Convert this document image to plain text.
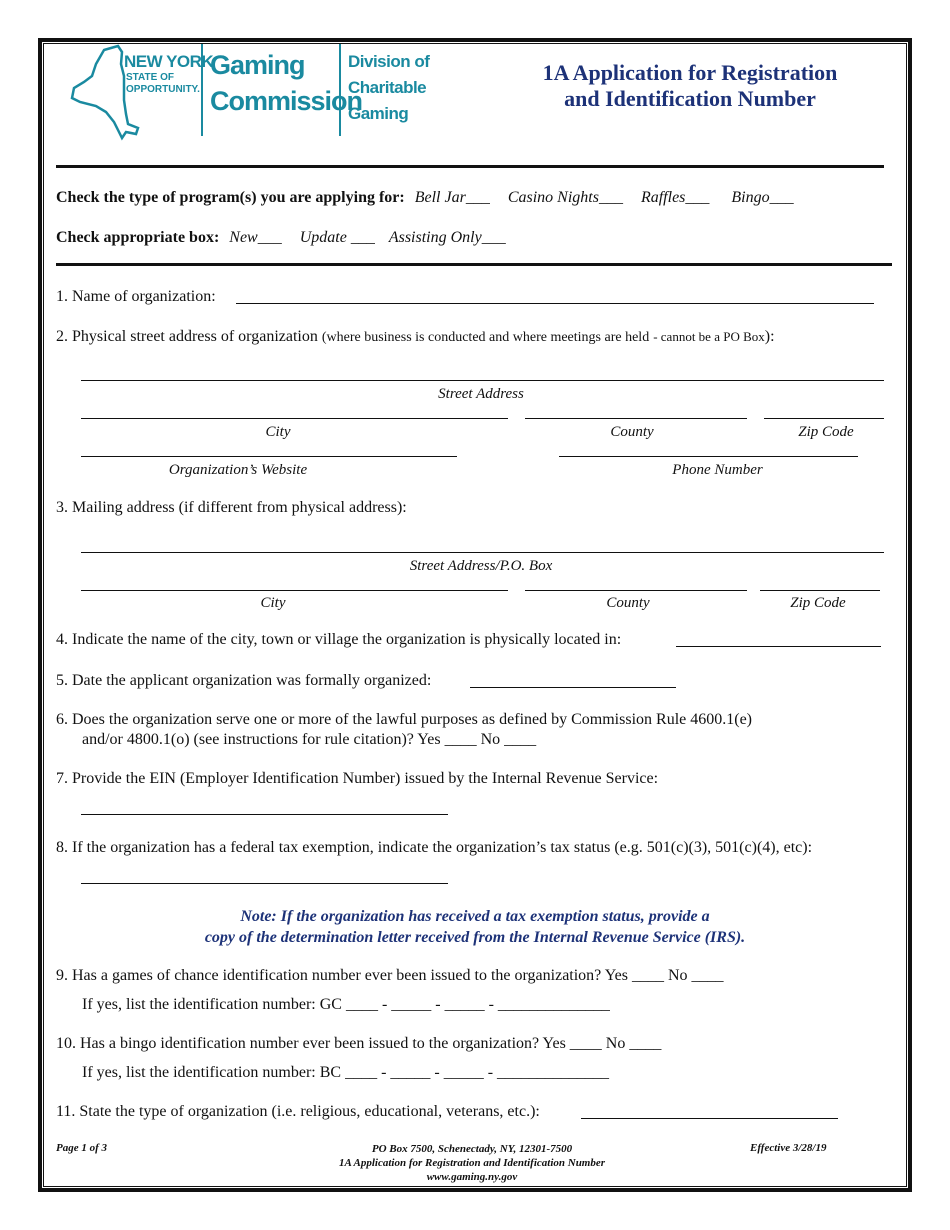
NEW YORK
STATE OF
OPPORTUNITY.
Gaming
Commission
Division of
Charitable
Gaming
1A Application for Registration
and Identification Number
Check the type of program(s) you are applying for: Bell Jar___ Casino Nights___ Raffles___ Bingo___
Check appropriate box: New___ Update ___ Assisting Only___
1. Name of organization:
2. Physical street address of organization (where business is conducted and where meetings are held - cannot be a PO Box):
Street Address
City	County	Zip Code
Organization’s Website	Phone Number
3. Mailing address (if different from physical address):
Street Address/P.O. Box
City	County	Zip Code
4. Indicate the name of the city, town or village the organization is physically located in:
5. Date the applicant organization was formally organized:
6. Does the organization serve one or more of the lawful purposes as defined by Commission Rule 4600.1(e)
and/or 4800.1(o) (see instructions for rule citation)? Yes ____ No ____
7. Provide the EIN (Employer Identification Number) issued by the Internal Revenue Service:
8. If the organization has a federal tax exemption, indicate the organization’s tax status (e.g. 501(c)(3), 501(c)(4), etc):
Note: If the organization has received a tax exemption status, provide a
copy of the determination letter received from the Internal Revenue Service (IRS).
9. Has a games of chance identification number ever been issued to the organization? Yes ____ No ____
If yes, list the identification number: GC ____ - _____ - _____ - ______________
10. Has a bingo identification number ever been issued to the organization? Yes ____ No ____
If yes, list the identification number: BC ____ - _____ - _____ - ______________
11. State the type of organization (i.e. religious, educational, veterans, etc.):
Page 1 of 3	PO Box 7500, Schenectady, NY, 12301-7500
1A Application for Registration and Identification Number
www.gaming.ny.gov
Effective 3/28/19
